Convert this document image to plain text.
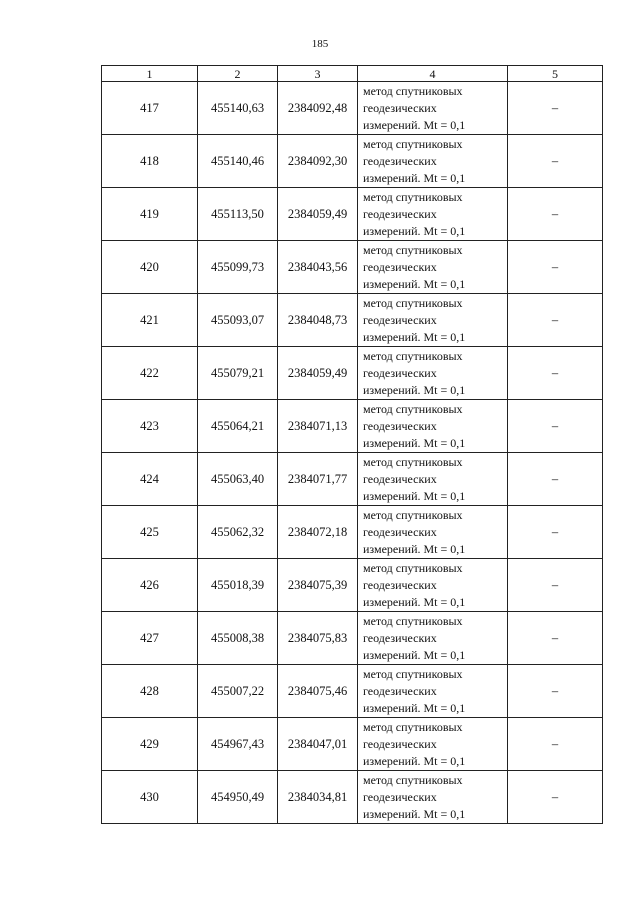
185
1	2	3	4	5
417	455140,63	2384092,48	метод спутниковых
геодезических
измерений. Mt = 0,1	–
418	455140,46	2384092,30	метод спутниковых
геодезических
измерений. Mt = 0,1	–
419	455113,50	2384059,49	метод спутниковых
геодезических
измерений. Mt = 0,1	–
420	455099,73	2384043,56	метод спутниковых
геодезических
измерений. Mt = 0,1	–
421	455093,07	2384048,73	метод спутниковых
геодезических
измерений. Mt = 0,1	–
422	455079,21	2384059,49	метод спутниковых
геодезических
измерений. Mt = 0,1	–
423	455064,21	2384071,13	метод спутниковых
геодезических
измерений. Mt = 0,1	–
424	455063,40	2384071,77	метод спутниковых
геодезических
измерений. Mt = 0,1	–
425	455062,32	2384072,18	метод спутниковых
геодезических
измерений. Mt = 0,1	–
426	455018,39	2384075,39	метод спутниковых
геодезических
измерений. Mt = 0,1	–
427	455008,38	2384075,83	метод спутниковых
геодезических
измерений. Mt = 0,1	–
428	455007,22	2384075,46	метод спутниковых
геодезических
измерений. Mt = 0,1	–
429	454967,43	2384047,01	метод спутниковых
геодезических
измерений. Mt = 0,1	–
430	454950,49	2384034,81	метод спутниковых
геодезических
измерений. Mt = 0,1	–
